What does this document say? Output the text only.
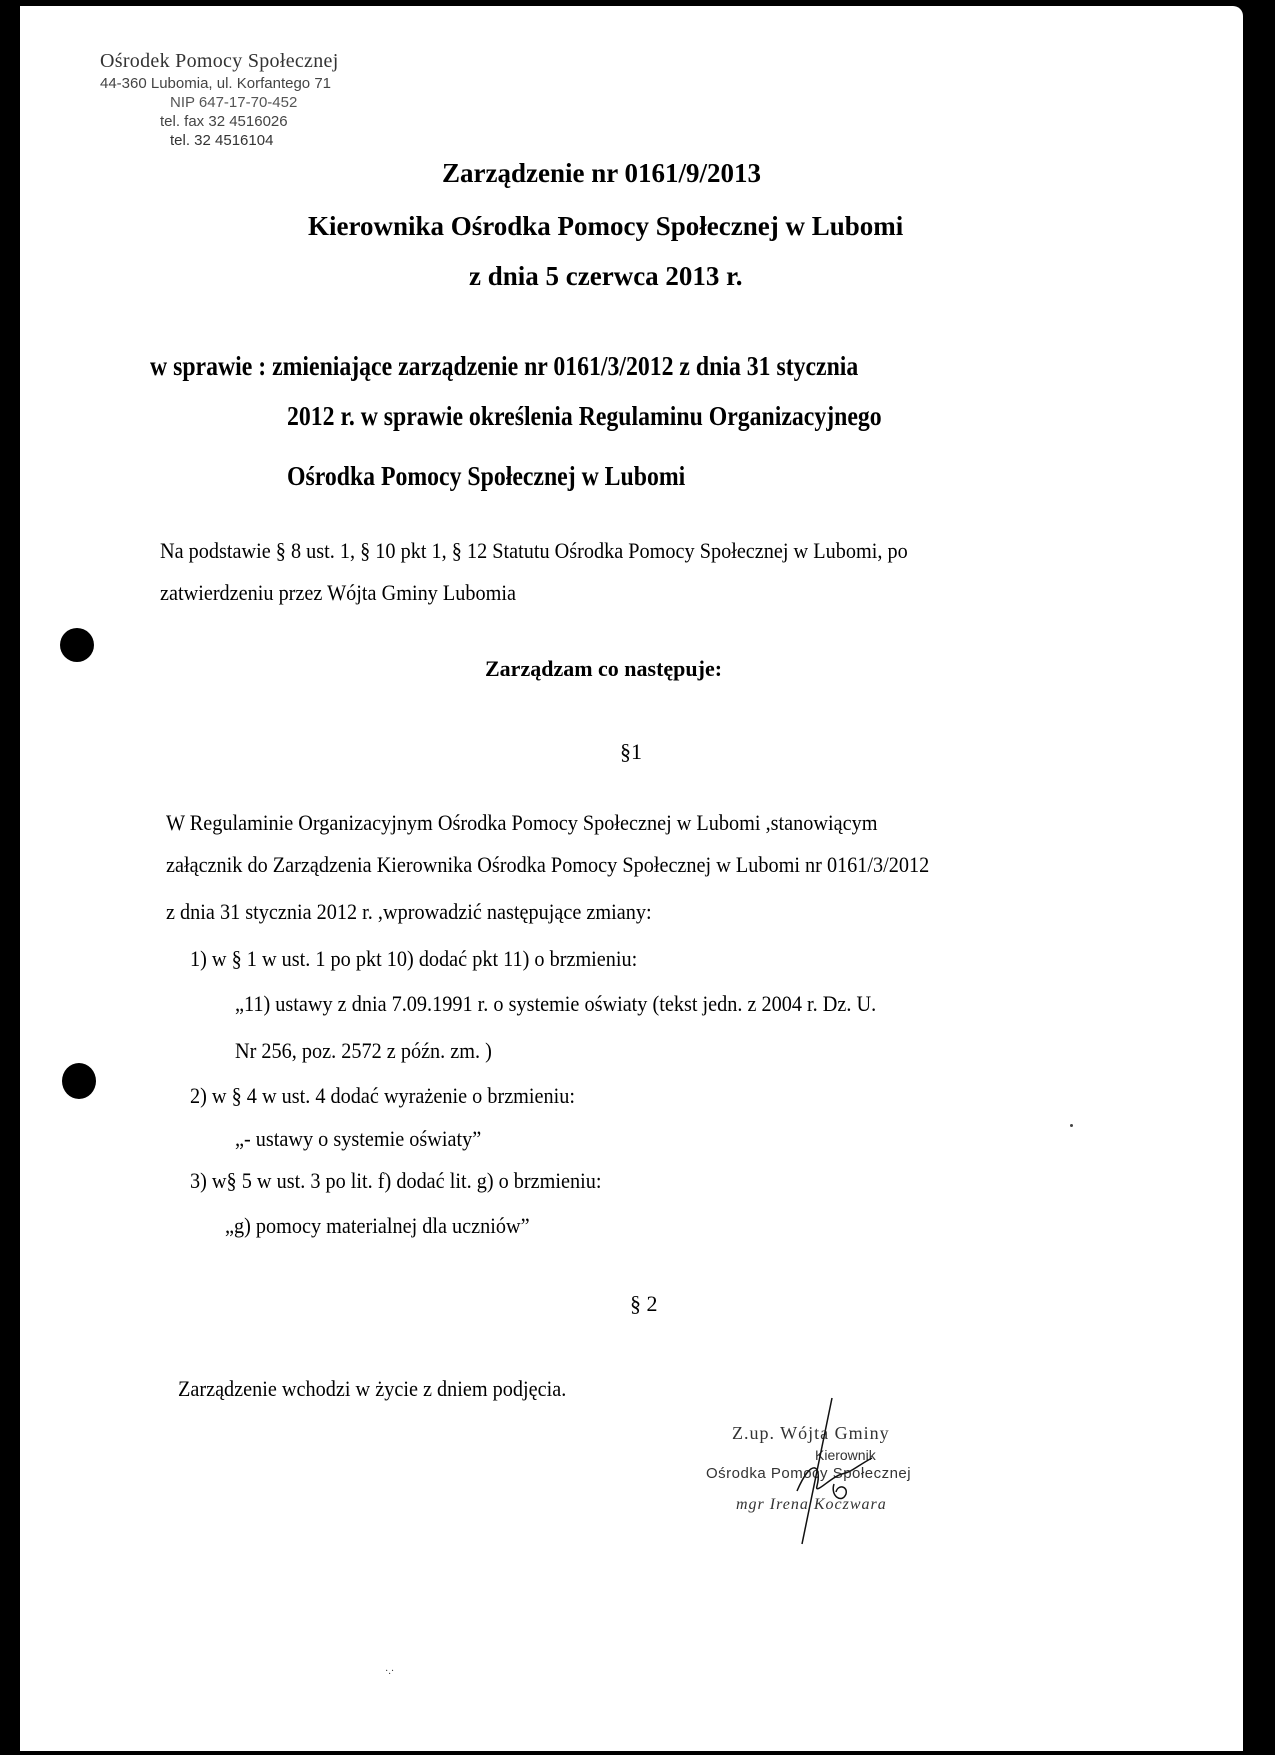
Ośrodek Pomocy Społecznej
44-360 Lubomia, ul. Korfantego 71
NIP 647-17-70-452
tel. fax 32 4516026
tel. 32 4516104
Zarządzenie nr 0161/9/2013
Kierownika Ośrodka Pomocy Społecznej w Lubomi
z dnia 5 czerwca 2013 r.
w sprawie : zmieniające zarządzenie nr 0161/3/2012 z dnia 31 stycznia
2012 r. w sprawie określenia Regulaminu Organizacyjnego
Ośrodka Pomocy Społecznej w Lubomi
Na podstawie § 8 ust. 1, § 10 pkt 1, § 12 Statutu Ośrodka Pomocy Społecznej w Lubomi, po
zatwierdzeniu przez Wójta Gminy Lubomia
Zarządzam co następuje:
§1
W Regulaminie Organizacyjnym Ośrodka Pomocy Społecznej w Lubomi ,stanowiącym
załącznik do Zarządzenia Kierownika Ośrodka Pomocy Społecznej w Lubomi nr 0161/3/2012
z dnia 31 stycznia 2012 r. ,wprowadzić następujące zmiany:
1) w § 1 w ust. 1 po pkt 10) dodać pkt 11) o brzmieniu:
„11) ustawy z dnia 7.09.1991 r. o systemie oświaty (tekst jedn. z 2004 r. Dz. U.
Nr 256, poz. 2572 z późn. zm. )
2) w § 4 w ust. 4 dodać wyrażenie o brzmieniu:
„- ustawy o systemie oświaty”
3) w§ 5 w ust. 3 po lit. f) dodać lit. g) o brzmieniu:
„g) pomocy materialnej dla uczniów”
§ 2
Zarządzenie wchodzi w życie z dniem podjęcia.
Z.up. Wójta Gminy
Kierownik
Ośrodka Pomocy Społecznej
mgr Irena Koczwara
·.·
